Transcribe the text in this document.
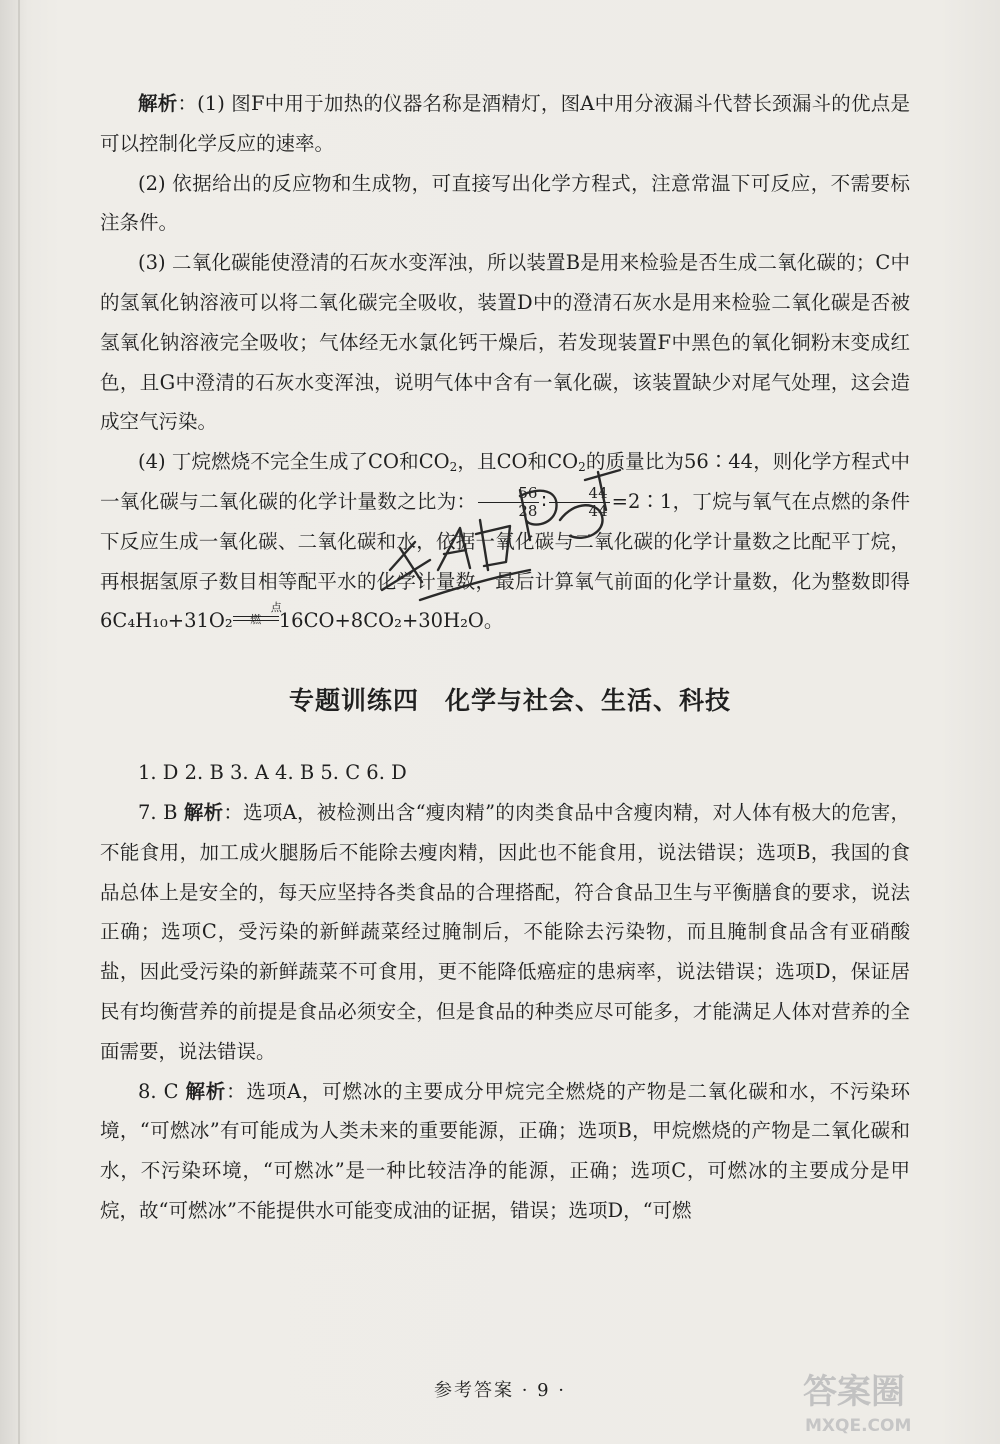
解析：(1) 图F中用于加热的仪器名称是酒精灯，图A中用分液漏斗代替长颈漏斗的优点是可以控制化学反应的速率。

(2) 依据给出的反应物和生成物，可直接写出化学方程式，注意常温下可反应，不需要标注条件。

(3) 二氧化碳能使澄清的石灰水变浑浊，所以装置B是用来检验是否生成二氧化碳的；C中的氢氧化钠溶液可以将二氧化碳完全吸收，装置D中的澄清石灰水是用来检验二氧化碳是否被氢氧化钠溶液完全吸收；气体经无水氯化钙干燥后，若发现装置F中黑色的氧化铜粉末变成红色，且G中澄清的石灰水变浑浊，说明气体中含有一氧化碳，该装置缺少对尾气处理，这会造成空气污染。

(4) 丁烷燃烧不完全生成了CO和$CO_2$，且CO和$CO_2$的质量比为56∶44，则化学方程式中一氧化碳与二氧化碳的化学计量数之比为： $\frac{56}{28}$ ∶ $\frac{44}{44}$ =2∶1，丁烷与氧气在点燃的条件下反应生成一氧化碳、二氧化碳和水，依据一氧化碳与二氧化碳的化学计量数之比配平丁烷，再根据氢原子数目相等配平水的化学计量数，最后计算氧气前面的化学计量数，化为整数即得 6C₄H₁₀+31O₂
点燃 16CO+8CO₂+30H₂O。

专题训练四　化学与社会、生活、科技

1. D 2. B 3. A 4. B 5. C 6. D

7. B 解析：选项A，被检测出含“瘦肉精”的肉类食品中含瘦肉精，对人体有极大的危害，不能食用，加工成火腿肠后不能除去瘦肉精，因此也不能食用，说法错误；选项B，我国的食品总体上是安全的，每天应坚持各类食品的合理搭配，符合食品卫生与平衡膳食的要求，说法正确；选项C，受污染的新鲜蔬菜经过腌制后，不能除去污染物，而且腌制食品含有亚硝酸盐，因此受污染的新鲜蔬菜不可食用，更不能降低癌症的患病率，说法错误；选项D，保证居民有均衡营养的前提是食品必须安全，但是食品的种类应尽可能多，才能满足人体对营养的全面需要，说法错误。

8. C 解析：选项A，可燃冰的主要成分甲烷完全燃烧的产物是二氧化碳和水，不污染环境，“可燃冰”有可能成为人类未来的重要能源，正确；选项B，甲烷燃烧的产物是二氧化碳和水，不污染环境，“可燃冰”是一种比较洁净的能源，正确；选项C，可燃冰的主要成分是甲烷，故“可燃冰”不能提供水可能变成油的证据，错误；选项D，“可燃

参考答案 · 9 ·	答案圈
MXQE.COM
